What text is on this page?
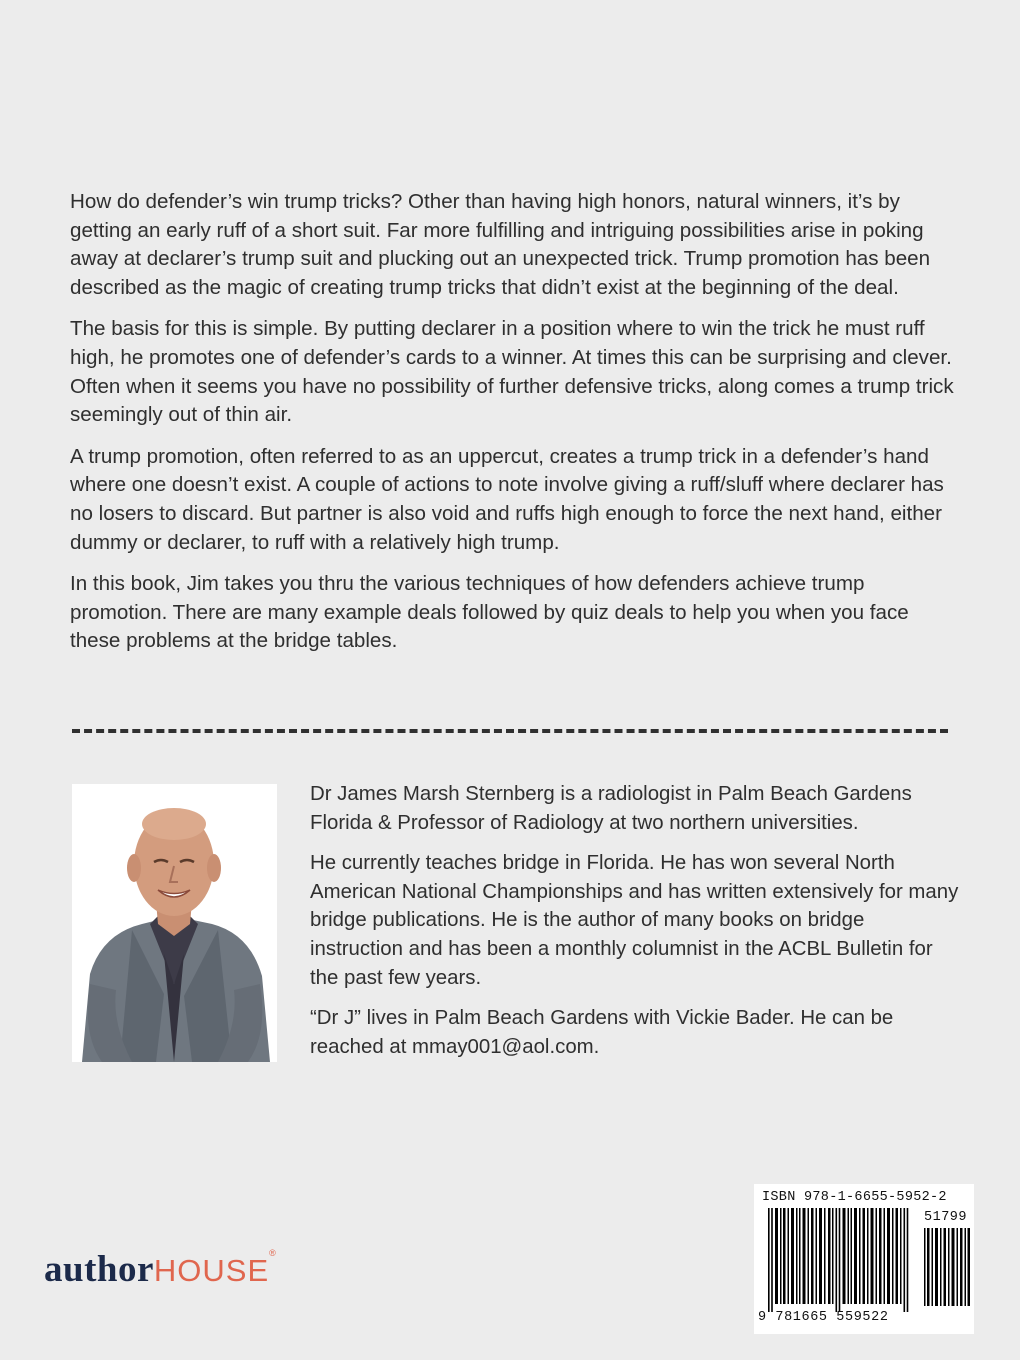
How do defender’s win trump tricks? Other than having high honors, natural winners, it’s by getting an early ruff of a short suit. Far more fulfilling and intriguing possibilities arise in poking away at declarer’s trump suit and plucking out an unexpected trick. Trump promotion has been described as the magic of creating trump tricks that didn’t exist at the beginning of the deal.

The basis for this is simple. By putting declarer in a position where to win the trick he must ruff high, he promotes one of defender’s cards to a winner. At times this can be surprising and clever. Often when it seems you have no possibility of further defensive tricks, along comes a trump trick seemingly out of thin air.

A trump promotion, often referred to as an uppercut, creates a trump trick in a defender’s hand where one doesn’t exist. A couple of actions to note involve giving a ruff/sluff where declarer has no losers to discard. But partner is also void and ruffs high enough to force the next hand, either dummy or declarer, to ruff with a relatively high trump.

In this book, Jim takes you thru the various techniques of how defenders achieve trump promotion. There are many example deals followed by quiz deals to help you when you face these problems at the bridge tables.

Dr James Marsh Sternberg is a radiologist in Palm Beach Gardens Florida & Professor of Radiology at two northern universities.

He currently teaches bridge in Florida. He has won several North American National Championships and has written extensively for many bridge publications. He is the author of many books on bridge instruction and has been a monthly columnist in the ACBL Bulletin for the past few years.

“Dr J” lives in Palm Beach Gardens with Vickie Bader. He can be reached at mmay001@aol.com.

authorHOUSE®
ISBN 978-1-6655-5952-2
51799
9 781665 559522
